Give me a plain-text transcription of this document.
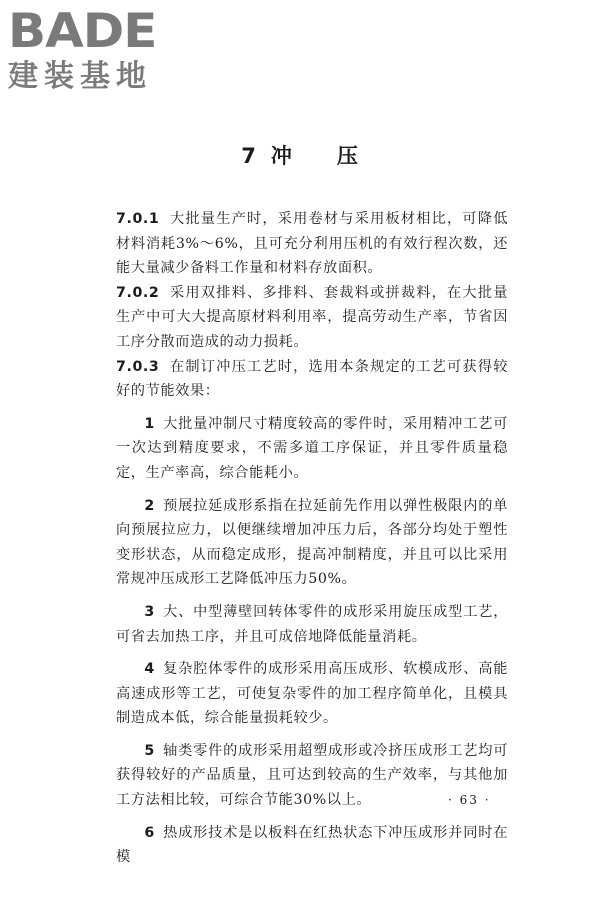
BADE
建装基地
7 冲 压

7.0.1 大批量生产时，采用卷材与采用板材相比，可降低材料消耗3%～6%，且可充分利用压机的有效行程次数，还能大量减少备料工作量和材料存放面积。

7.0.2 采用双排料、多排料、套裁料或拼裁料，在大批量生产中可大大提高原材料利用率，提高劳动生产率，节省因工序分散而造成的动力损耗。

7.0.3 在制订冲压工艺时，选用本条规定的工艺可获得较好的节能效果：

1 大批量冲制尺寸精度较高的零件时，采用精冲工艺可一次达到精度要求，不需多道工序保证，并且零件质量稳定，生产率高，综合能耗小。

2 预展拉延成形系指在拉延前先作用以弹性极限内的单向预展拉应力，以便继续增加冲压力后，各部分均处于塑性变形状态，从而稳定成形，提高冲制精度，并且可以比采用常规冲压成形工艺降低冲压力50%。

3 大、中型薄壁回转体零件的成形采用旋压成型工艺，可省去加热工序，并且可成倍地降低能量消耗。

4 复杂腔体零件的成形采用高压成形、软模成形、高能高速成形等工艺，可使复杂零件的加工程序简单化，且模具制造成本低，综合能量损耗较少。

5 轴类零件的成形采用超塑成形或冷挤压成形工艺均可获得较好的产品质量，且可达到较高的生产效率，与其他加工方法相比较，可综合节能30%以上。

6 热成形技术是以板料在红热状态下冲压成形并同时在模

· 63 ·
